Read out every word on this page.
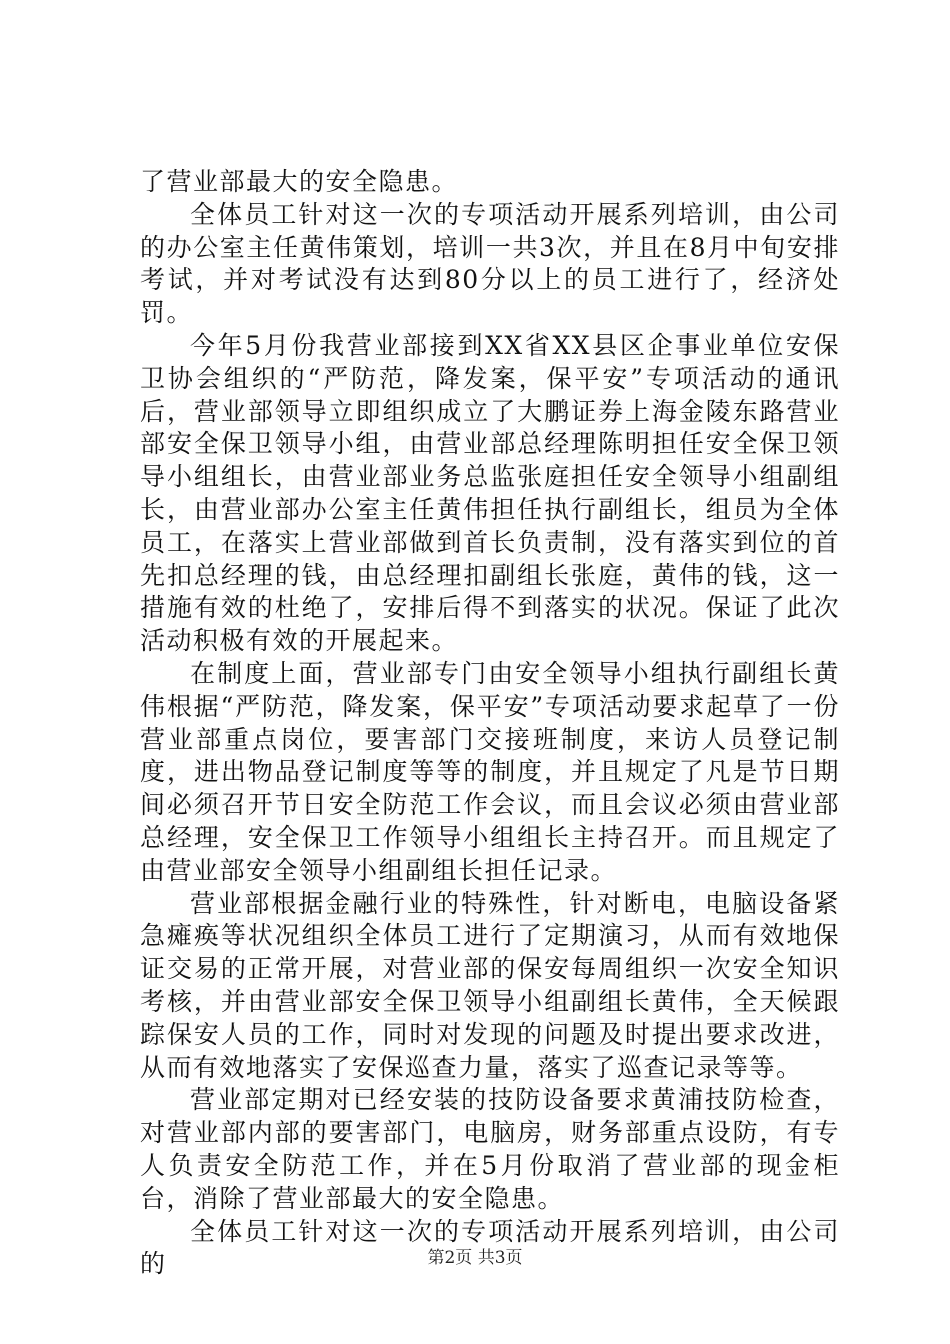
了营业部最大的安全隐患。

全体员工针对这一次的专项活动开展系列培训，由公司的办公室主任黄伟策划，培训一共3次，并且在8月中旬安排考试，并对考试没有达到80分以上的员工进行了，经济处罚。

今年5月份我营业部接到XX省XX县区企事业单位安保卫协会组织的“严防范，降发案，保平安”专项活动的通讯后，营业部领导立即组织成立了大鹏证券上海金陵东路营业部安全保卫领导小组，由营业部总经理陈明担任安全保卫领导小组组长，由营业部业务总监张庭担任安全领导小组副组长，由营业部办公室主任黄伟担任执行副组长，组员为全体员工，在落实上营业部做到首长负责制，没有落实到位的首先扣总经理的钱，由总经理扣副组长张庭，黄伟的钱，这一措施有效的杜绝了，安排后得不到落实的状况。保证了此次活动积极有效的开展起来。

在制度上面，营业部专门由安全领导小组执行副组长黄伟根据“严防范，降发案，保平安”专项活动要求起草了一份营业部重点岗位，要害部门交接班制度，来访人员登记制度，进出物品登记制度等等的制度，并且规定了凡是节日期间必须召开节日安全防范工作会议，而且会议必须由营业部总经理，安全保卫工作领导小组组长主持召开。而且规定了由营业部安全领导小组副组长担任记录。

营业部根据金融行业的特殊性，针对断电，电脑设备紧急瘫痪等状况组织全体员工进行了定期演习，从而有效地保证交易的正常开展，对营业部的保安每周组织一次安全知识考核，并由营业部安全保卫领导小组副组长黄伟，全天候跟踪保安人员的工作，同时对发现的问题及时提出要求改进，从而有效地落实了安保巡查力量，落实了巡查记录等等。

营业部定期对已经安装的技防设备要求黄浦技防检查，对营业部内部的要害部门，电脑房，财务部重点设防，有专人负责安全防范工作，并在5月份取消了营业部的现金柜台，消除了营业部最大的安全隐患。

全体员工针对这一次的专项活动开展系列培训，由公司的	第2页 共3页
